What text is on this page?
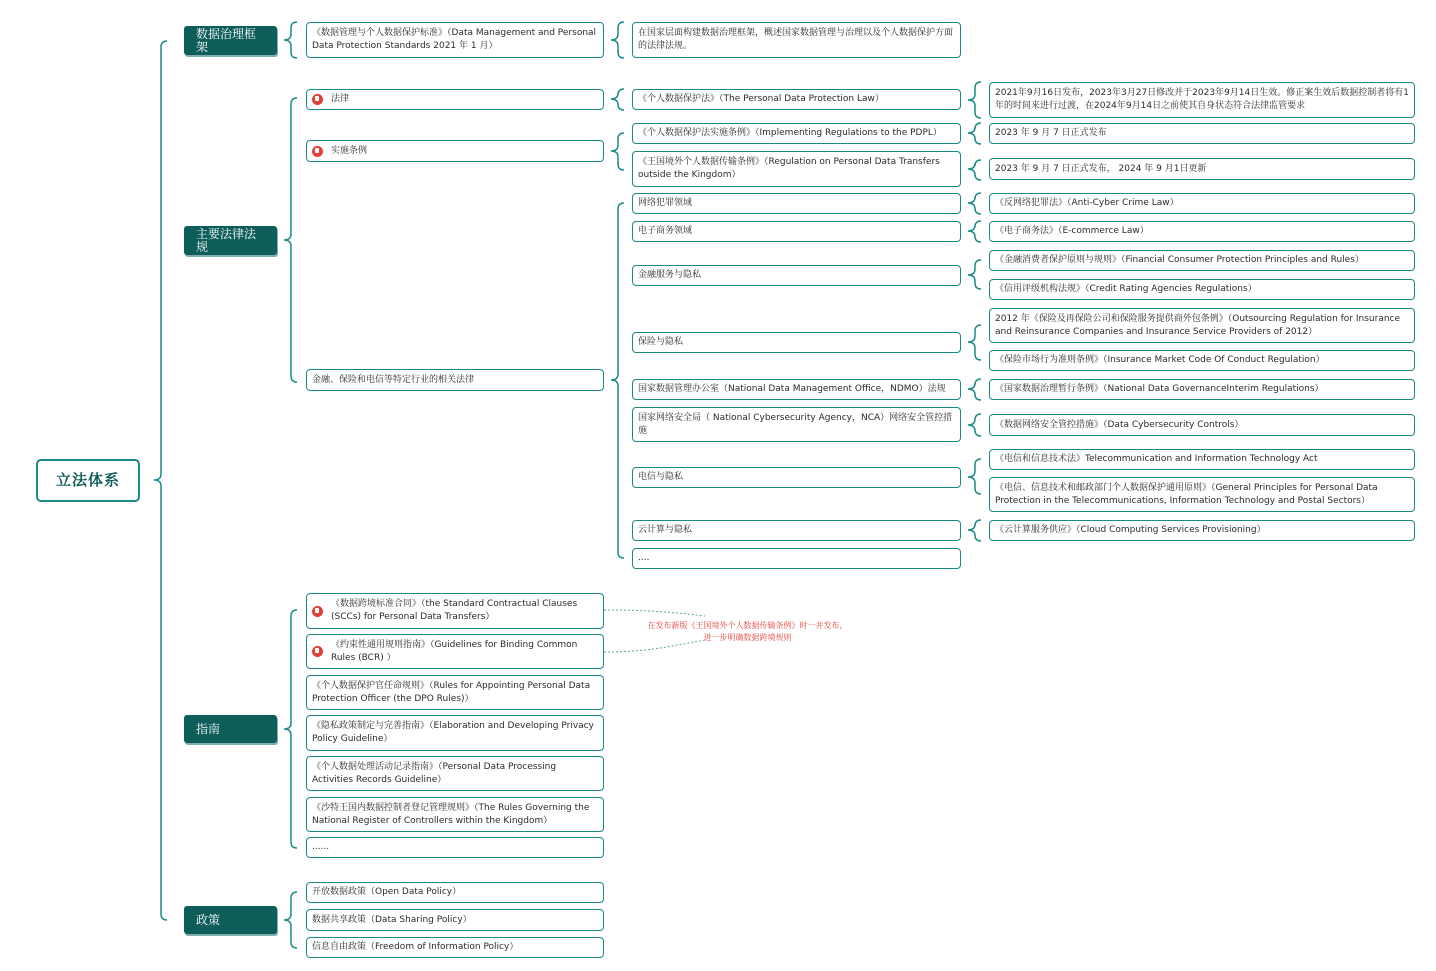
立法体系
数据治理框架
主要法律法规
指南
政策
《数据管理与个人数据保护标准》（Data Management and Personal Data Protection Standards 2021 年 1 月）
在国家层面构建数据治理框架，概述国家数据管理与治理以及个人数据保护方面的法律法规。
法律
实施条例
金融、保险和电信等特定行业的相关法律
《个人数据保护法》（The Personal Data Protection Law）
《个人数据保护法实施条例》（Implementing Regulations to the PDPL）
《王国境外个人数据传输条例》（Regulation on Personal Data Transfers outside the Kingdom）
网络犯罪领域
电子商务领域
金融服务与隐私
保险与隐私
国家数据管理办公室（National Data Management Office，NDMO）法规
国家网络安全局（ National Cybersecurity Agency，NCA）网络安全管控措施
电信与隐私
云计算与隐私
....
2021年9月16日发布，2023年3月27日修改并于2023年9月14日生效。修正案生效后数据控制者将有1年的时间来进行过渡，在2024年9月14日之前使其自身状态符合法律监管要求
2023 年 9 月 7 日正式发布
2023 年 9 月 7 日正式发布， 2024 年 9 月1日更新
《反网络犯罪法》（Anti-Cyber Crime Law）
《电子商务法》（E-commerce Law）
《金融消费者保护原则与规则》（Financial Consumer Protection Principles and Rules）
《信用评级机构法规》（Credit Rating Agencies Regulations）
2012 年《保险及再保险公司和保险服务提供商外包条例》（Outsourcing Regulation for Insurance and Reinsurance Companies and Insurance Service Providers of 2012）
《保险市场行为准则条例》（Insurance Market Code Of Conduct Regulation）
《国家数据治理暂行条例》（National Data GovernanceInterim Regulations）
《数据网络安全管控措施》（Data Cybersecurity Controls）
《电信和信息技术法》Telecommunication and Information Technology Act
《电信、信息技术和邮政部门个人数据保护通用原则》（General Principles for Personal Data Protection in the Telecommunications, Information Technology and Postal Sectors）
《云计算服务供应》（Cloud Computing Services Provisioning）
《数据跨境标准合同》（the Standard Contractual Clauses (SCCs) for Personal Data Transfers）
《约束性通用规则指南》（Guidelines for Binding Common Rules (BCR) ）
《个人数据保护官任命规则》（Rules for Appointing Personal Data Protection Officer (the DPO Rules)）
《隐私政策制定与完善指南》（Elaboration and Developing Privacy Policy Guideline）
《个人数据处理活动记录指南》（Personal Data Processing Activities Records Guideline）
《沙特王国内数据控制者登记管理规则》（The Rules Governing the National Register of Controllers within the Kingdom）
......
在发布新版《王国境外个人数据传输条例》时一并发布，进一步明确数据跨境规则
开放数据政策（Open Data Policy）
数据共享政策（Data Sharing Policy）
信息自由政策（Freedom of Information Policy）
